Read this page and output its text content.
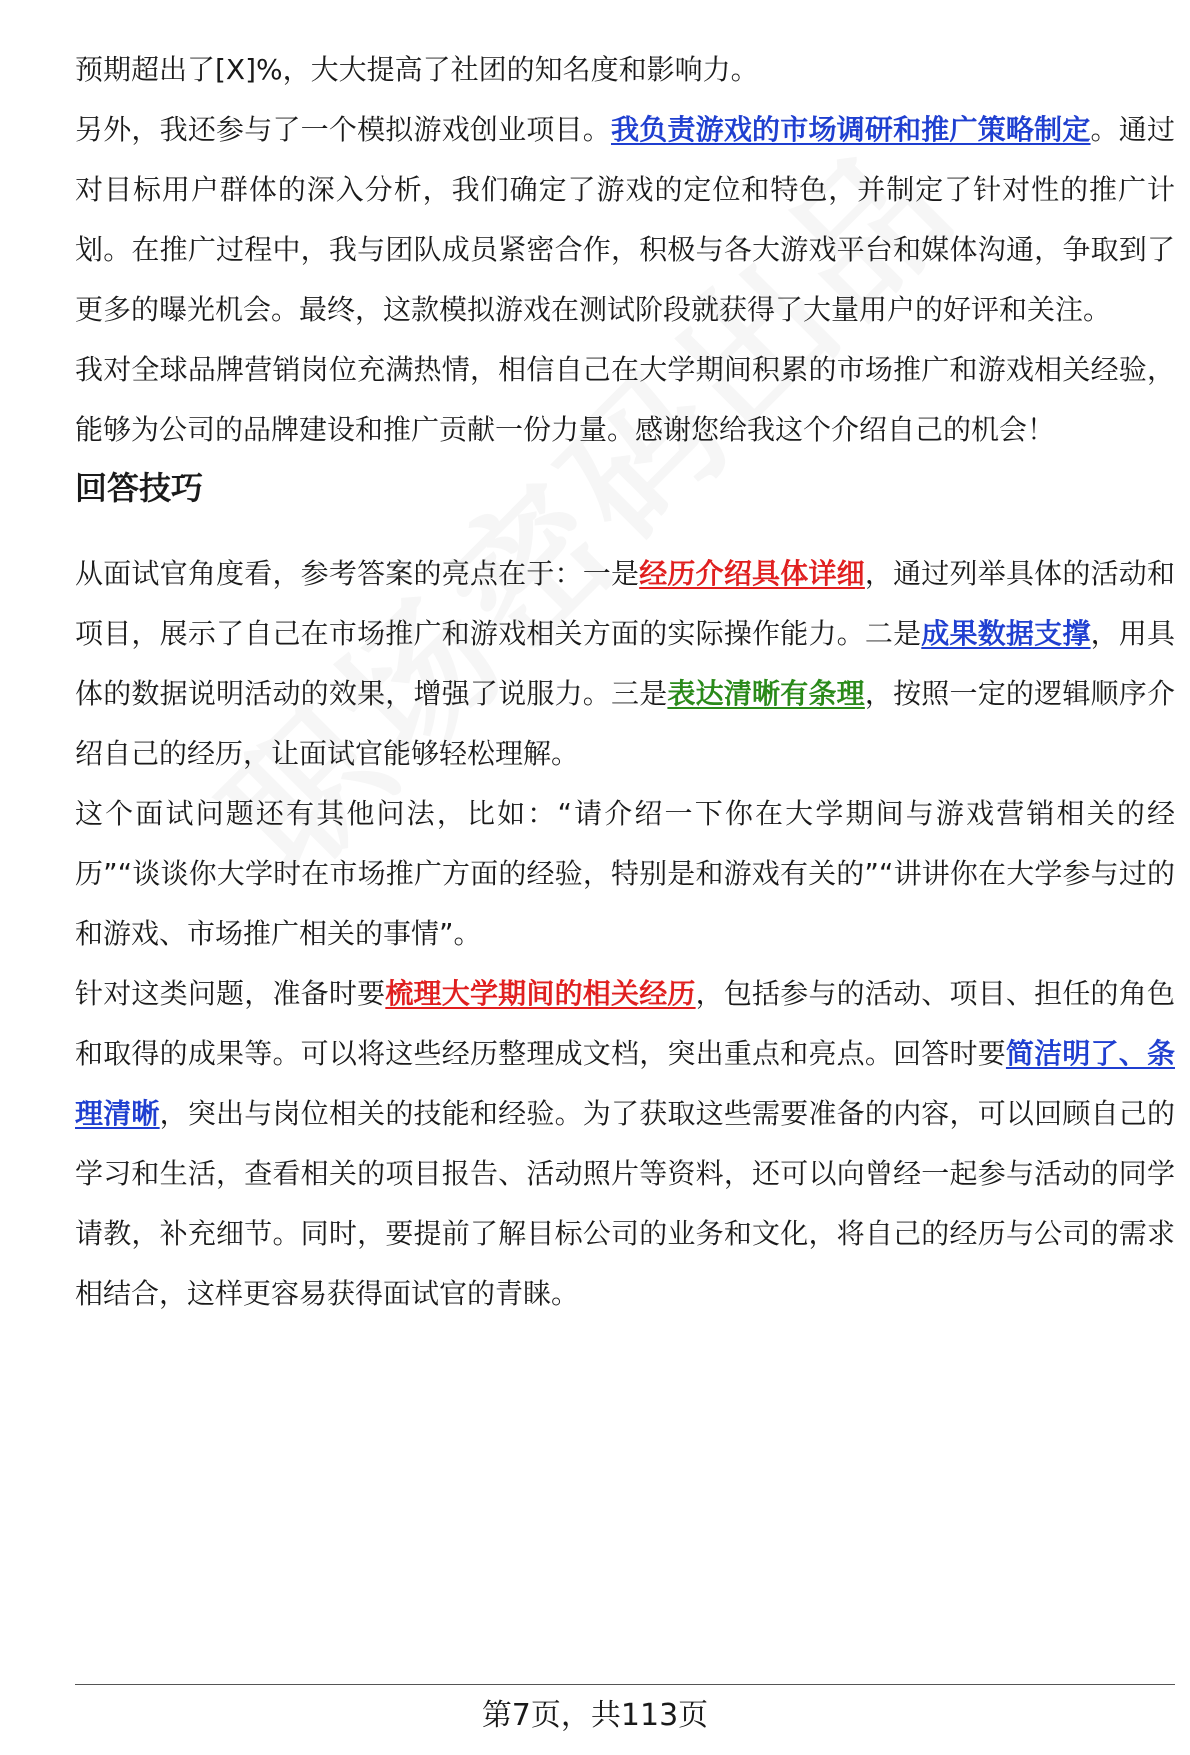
预期超出了[X]%，大大提高了社团的知名度和影响力。

另外，我还参与了一个模拟游戏创业项目。我负责游戏的市场调研和推广策略制定。通过对目标用户群体的深入分析，我们确定了游戏的定位和特色，并制定了针对性的推广计划。在推广过程中，我与团队成员紧密合作，积极与各大游戏平台和媒体沟通，争取到了更多的曝光机会。最终，这款模拟游戏在测试阶段就获得了大量用户的好评和关注。

我对全球品牌营销岗位充满热情，相信自己在大学期间积累的市场推广和游戏相关经验，能够为公司的品牌建设和推广贡献一份力量。感谢您给我这个介绍自己的机会！

回答技巧

从面试官角度看，参考答案的亮点在于：一是经历介绍具体详细，通过列举具体的活动和项目，展示了自己在市场推广和游戏相关方面的实际操作能力。二是成果数据支撑，用具体的数据说明活动的效果，增强了说服力。三是表达清晰有条理，按照一定的逻辑顺序介绍自己的经历，让面试官能够轻松理解。

这个面试问题还有其他问法，比如：“请介绍一下你在大学期间与游戏营销相关的经历”“谈谈你大学时在市场推广方面的经验，特别是和游戏有关的”“讲讲你在大学参与过的和游戏、市场推广相关的事情”。

针对这类问题，准备时要梳理大学期间的相关经历，包括参与的活动、项目、担任的角色和取得的成果等。可以将这些经历整理成文档，突出重点和亮点。回答时要简洁明了、条理清晰，突出与岗位相关的技能和经验。为了获取这些需要准备的内容，可以回顾自己的学习和生活，查看相关的项目报告、活动照片等资料，还可以向曾经一起参与活动的同学请教，补充细节。同时，要提前了解目标公司的业务和文化，将自己的经历与公司的需求相结合，这样更容易获得面试官的青睐。

第7页，共113页
